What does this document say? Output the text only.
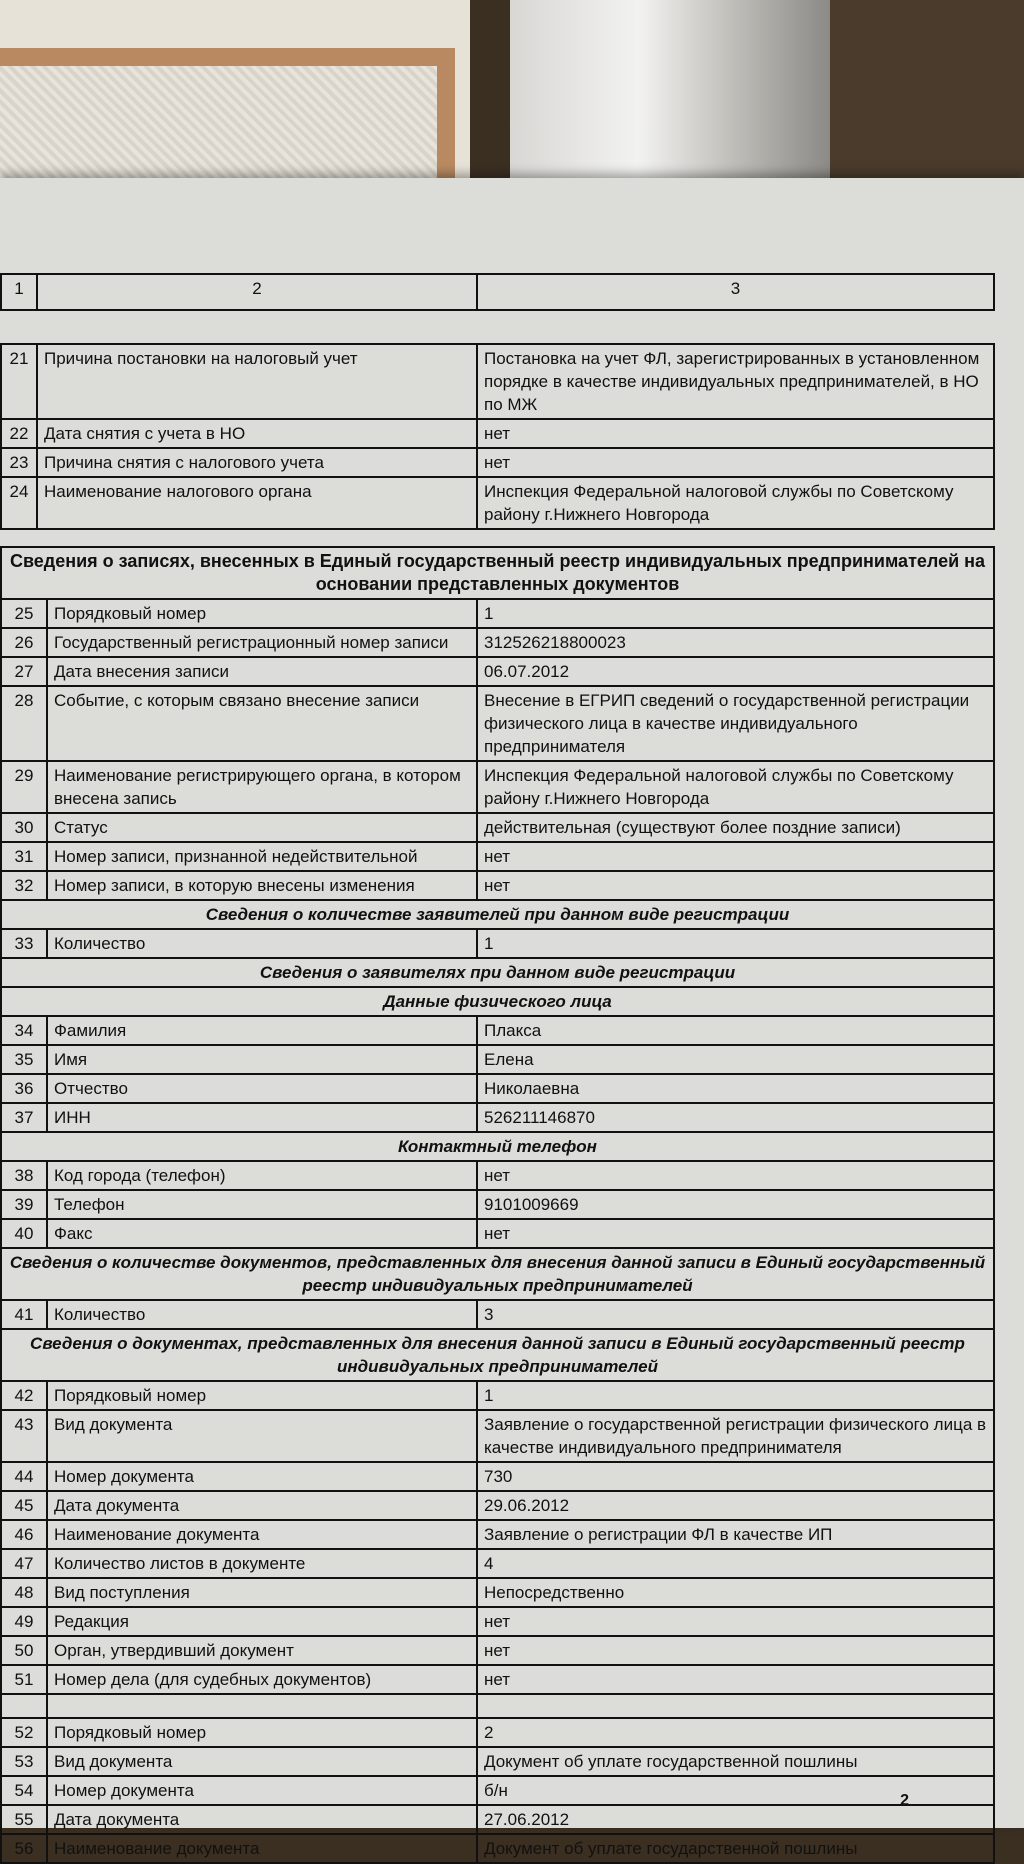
1	2	3
21	Причина постановки на налоговый учет	Постановка на учет ФЛ, зарегистрированных в установленном порядке в качестве индивидуальных предпринимателей, в НО по МЖ
22	Дата снятия с учета в НО	нет
23	Причина снятия с налогового учета	нет
24	Наименование налогового органа	Инспекция Федеральной налоговой службы по Советскому району г.Нижнего Новгорода
Сведения о записях, внесенных в Единый государственный реестр индивидуальных предпринимателей на основании представленных документов		
25	Порядковый номер	1
26	Государственный регистрационный номер записи	312526218800023
27	Дата внесения записи	06.07.2012
28	Событие, с которым связано внесение записи	Внесение в ЕГРИП сведений о государственной регистрации физического лица в качестве индивидуального предпринимателя
29	Наименование регистрирующего органа, в котором внесена запись	Инспекция Федеральной налоговой службы по Советскому району г.Нижнего Новгорода
30	Статус	действительная (существуют более поздние записи)
31	Номер записи, признанной недействительной	нет
32	Номер записи, в которую внесены изменения	нет
Сведения о количестве заявителей при данном виде регистрации		
33	Количество	1
Сведения о заявителях при данном виде регистрации		
Данные физического лица		
34	Фамилия	Плакса
35	Имя	Елена
36	Отчество	Николаевна
37	ИНН	526211146870
Контактный телефон		
38	Код города (телефон)	нет
39	Телефон	9101009669
40	Факс	нет
Сведения о количестве документов, представленных для внесения данной записи в Единый государственный реестр индивидуальных предпринимателей		
41	Количество	3
Сведения о документах, представленных для внесения данной записи в Единый государственный реестр индивидуальных предпринимателей		
42	Порядковый номер	1
43	Вид документа	Заявление о государственной регистрации физического лица в качестве индивидуального предпринимателя
44	Номер документа	730
45	Дата документа	29.06.2012
46	Наименование документа	Заявление о регистрации ФЛ в качестве ИП
47	Количество листов в документе	4
48	Вид поступления	Непосредственно
49	Редакция	нет
50	Орган, утвердивший документ	нет
51	Номер дела (для судебных документов)	нет

52	Порядковый номер	2
53	Вид документа	Документ об уплате государственной пошлины
54	Номер документа	б/н
55	Дата документа	27.06.2012
56	Наименование документа	Документ об уплате государственной пошлины
2
